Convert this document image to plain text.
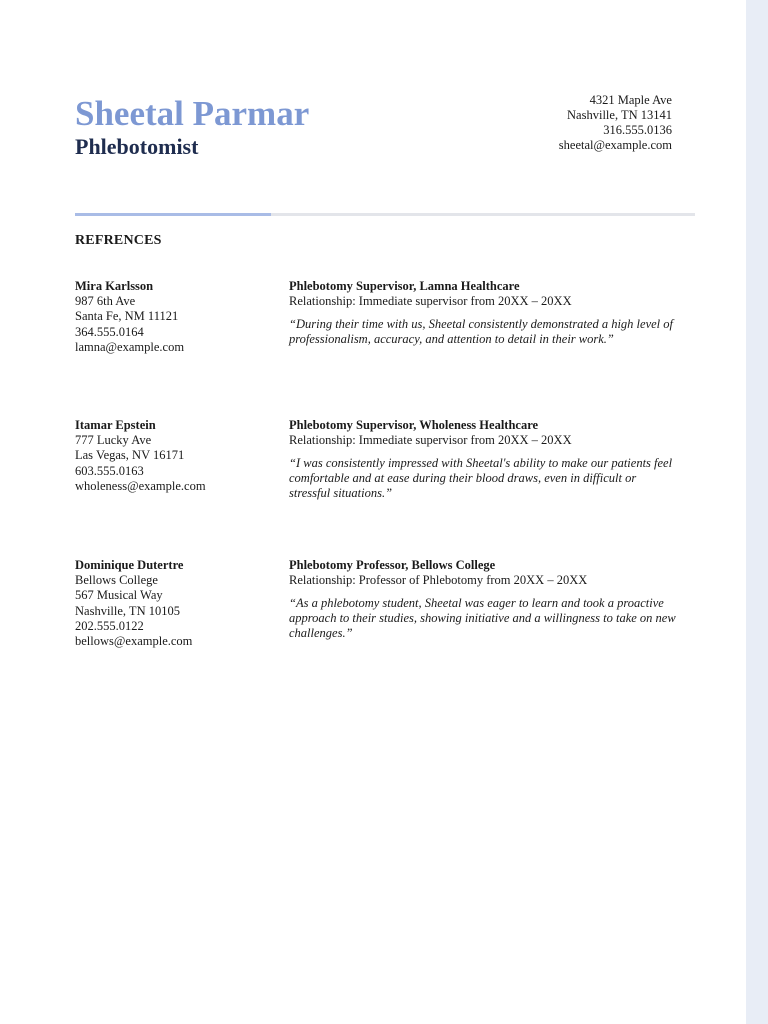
Sheetal Parmar
Phlebotomist
4321 Maple Ave
Nashville, TN 13141
316.555.0136
sheetal@example.com
REFRENCES
Mira Karlsson
987 6th Ave
Santa Fe, NM 11121
364.555.0164
lamna@example.com
Phlebotomy Supervisor, Lamna Healthcare
Relationship: Immediate supervisor from 20XX – 20XX
“During their time with us, Sheetal consistently demonstrated a high level of professionalism, accuracy, and attention to detail in their work.”
Itamar Epstein
777 Lucky Ave
Las Vegas, NV 16171
603.555.0163
wholeness@example.com
Phlebotomy Supervisor, Wholeness Healthcare
Relationship: Immediate supervisor from 20XX – 20XX
“I was consistently impressed with Sheetal's ability to make our patients feel comfortable and at ease during their blood draws, even in difficult or stressful situations.”
Dominique Dutertre
Bellows College
567 Musical Way
Nashville, TN 10105
202.555.0122
bellows@example.com
Phlebotomy Professor, Bellows College
Relationship: Professor of Phlebotomy from 20XX – 20XX
“As a phlebotomy student, Sheetal was eager to learn and took a proactive approach to their studies, showing initiative and a willingness to take on new challenges.”
